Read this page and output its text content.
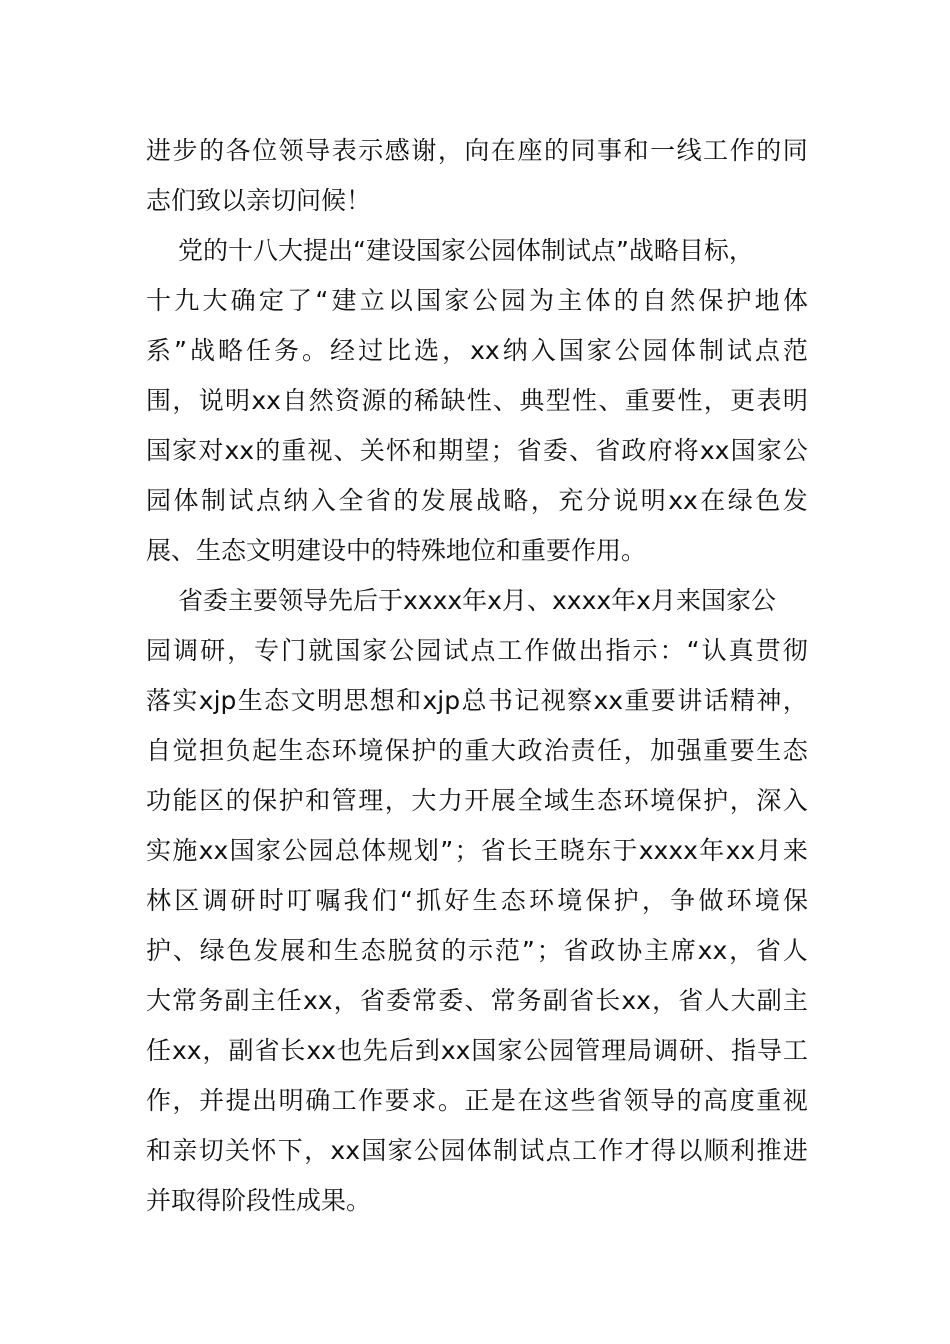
进 步 的 各 位 领 导 表 示 感 谢 ， 向 在 座 的 同 事 和 一 线 工 作 的 同
志们致以亲切问候！
党的十八大提出“建设国家公园体制试点”战略目标，
十 九 大 确 定 了 “ 建 立 以 国 家 公 园 为 主 体 的 自 然 保 护 地 体
系 ” 战 略 任 务 。 经 过 比 选 ， xx 纳 入 国 家 公 园 体 制 试 点 范
围 ， 说 明 xx 自 然 资 源 的 稀 缺 性 、 典 型 性 、 重 要 性 ， 更 表 明
国 家 对 xx 的 重 视 、 关 怀 和 期 望 ； 省 委 、 省 政 府 将 xx 国 家 公
园 体 制 试 点 纳 入 全 省 的 发 展 战 略 ， 充 分 说 明 xx 在 绿 色 发
展、生态文明建设中的特殊地位和重要作用。
省委主要领导先后于xxxx年x月、xxxx年x月来国家公
园 调 研 ， 专 门 就 国 家 公 园 试 点 工 作 做 出 指 示 ： “ 认 真 贯 彻
落 实 xjp 生 态 文 明 思 想 和 xjp 总 书 记 视 察 xx 重 要 讲 话 精 神 ，
自 觉 担 负 起 生 态 环 境 保 护 的 重 大 政 治 责 任 ， 加 强 重 要 生 态
功 能 区 的 保 护 和 管 理 ， 大 力 开 展 全 域 生 态 环 境 保 护 ， 深 入
实 施 xx 国 家 公 园 总 体 规 划 ” ； 省 长 王 晓 东 于 xxxx 年 xx 月 来
林 区 调 研 时 叮 嘱 我 们 “ 抓 好 生 态 环 境 保 护 ， 争 做 环 境 保
护 、 绿 色 发 展 和 生 态 脱 贫 的 示 范 ” ； 省 政 协 主 席 xx ， 省 人
大 常 务 副 主 任 xx ， 省 委 常 委 、 常 务 副 省 长 xx ， 省 人 大 副 主
任 xx ， 副 省 长 xx 也 先 后 到 xx 国 家 公 园 管 理 局 调 研 、 指 导 工
作 ， 并 提 出 明 确 工 作 要 求 。 正 是 在 这 些 省 领 导 的 高 度 重 视
和 亲 切 关 怀 下 ， xx 国 家 公 园 体 制 试 点 工 作 才 得 以 顺 利 推 进
并取得阶段性成果。
